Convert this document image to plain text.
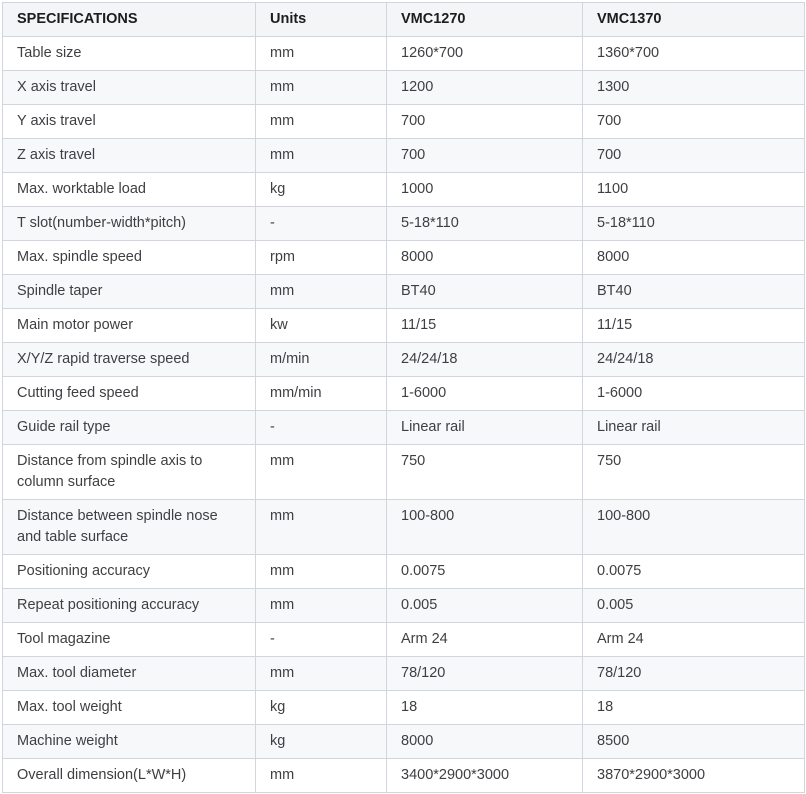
SPECIFICATIONS	Units	VMC1270	VMC1370
Table size	mm	1260*700	1360*700
X axis travel	mm	1200	1300
Y axis travel	mm	700	700
Z axis travel	mm	700	700
Max. worktable load	kg	1000	1100
T slot(number-width*pitch)	-	5-18*110	5-18*110
Max. spindle speed	rpm	8000	8000
Spindle taper	mm	BT40	BT40
Main motor power	kw	11/15	11/15
X/Y/Z rapid traverse speed	m/min	24/24/18	24/24/18
Cutting feed speed	mm/min	1-6000	1-6000
Guide rail type	-	Linear rail	Linear rail
Distance from spindle axis to column surface	mm	750	750
Distance between spindle nose and table surface	mm	100-800	100-800
Positioning accuracy	mm	0.0075	0.0075
Repeat positioning accuracy	mm	0.005	0.005
Tool magazine	-	Arm 24	Arm 24
Max. tool diameter	mm	78/120	78/120
Max. tool weight	kg	18	18
Machine weight	kg	8000	8500
Overall dimension(L*W*H)	mm	3400*2900*3000	3870*2900*3000
